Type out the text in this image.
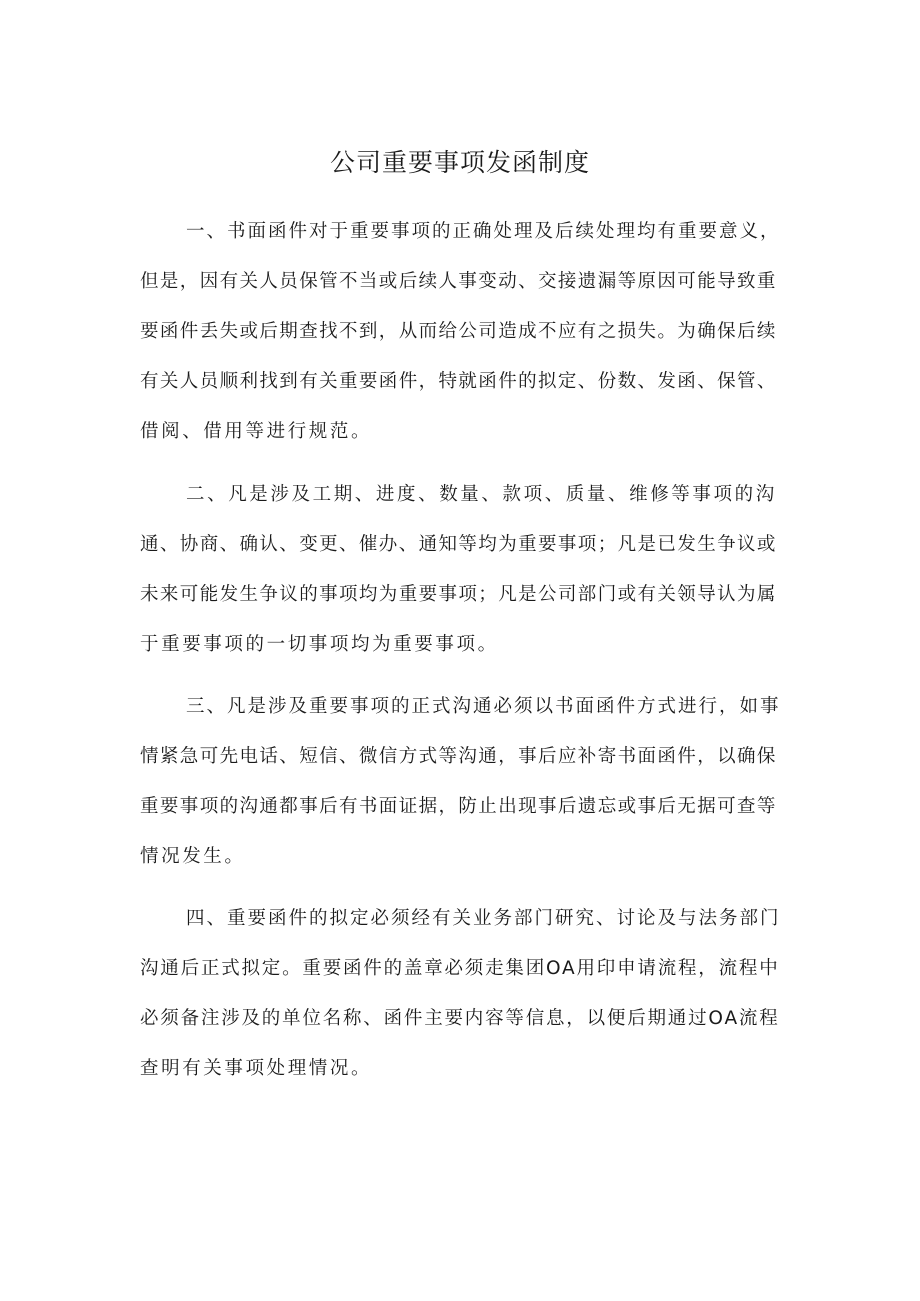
公司重要事项发函制度
一、书面函件对于重要事项的正确处理及后续处理均有重要意义，
但是，因有关人员保管不当或后续人事变动、交接遗漏等原因可能导致重
要函件丢失或后期查找不到，从而给公司造成不应有之损失。为确保后续
有关人员顺利找到有关重要函件，特就函件的拟定、份数、发函、保管、
借阅、借用等进行规范。
二、凡是涉及工期、进度、数量、款项、质量、维修等事项的沟
通、协商、确认、变更、催办、通知等均为重要事项；凡是已发生争议或
未来可能发生争议的事项均为重要事项；凡是公司部门或有关领导认为属
于重要事项的一切事项均为重要事项。
三、凡是涉及重要事项的正式沟通必须以书面函件方式进行，如事
情紧急可先电话、短信、微信方式等沟通，事后应补寄书面函件，以确保
重要事项的沟通都事后有书面证据，防止出现事后遗忘或事后无据可查等
情况发生。
四、重要函件的拟定必须经有关业务部门研究、讨论及与法务部门
沟通后正式拟定。重要函件的盖章必须走集团OA用印申请流程，流程中
必须备注涉及的单位名称、函件主要内容等信息，以便后期通过OA流程
查明有关事项处理情况。
